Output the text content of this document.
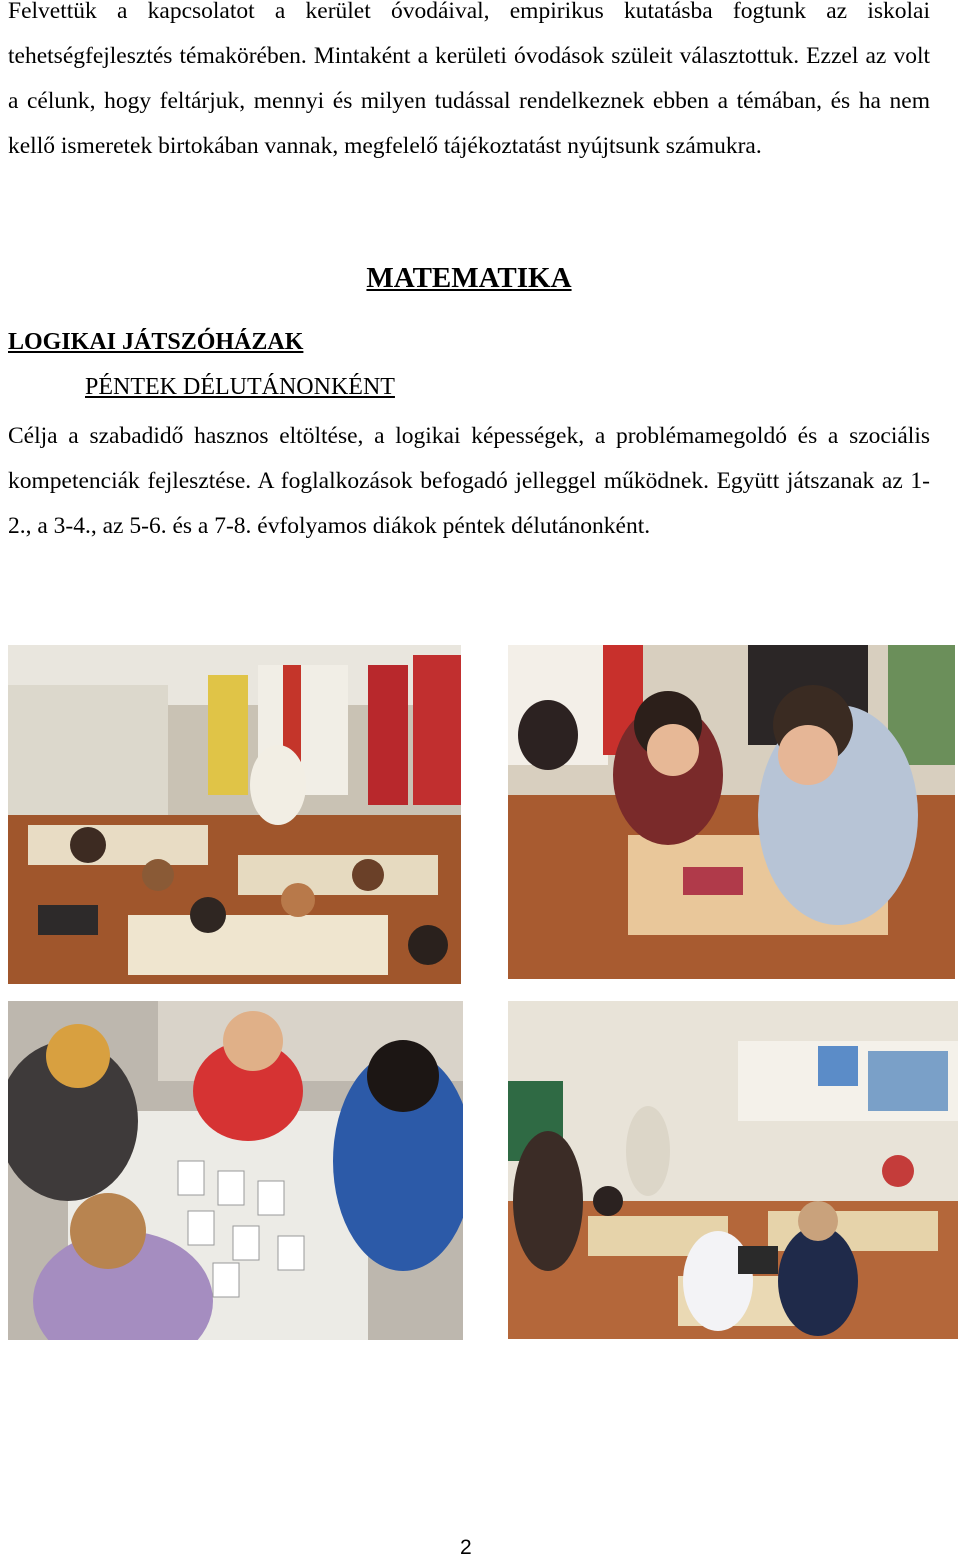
Felvettük a kapcsolatot a kerület óvodáival, empirikus kutatásba fogtunk az iskolai tehetségfejlesztés témakörében. Mintaként a kerületi óvodások szüleit választottuk. Ezzel az volt a célunk, hogy feltárjuk, mennyi és milyen tudással rendelkeznek ebben a témában, és ha nem kellő ismeretek birtokában vannak, megfelelő tájékoztatást nyújtsunk számukra.

MATEMATIKA
LOGIKAI JÁTSZÓHÁZAK
PÉNTEK DÉLUTÁNONKÉNT

Célja a szabadidő hasznos eltöltése, a logikai képességek, a problémamegoldó és a szociális kompetenciák fejlesztése. A foglalkozások befogadó jelleggel működnek. Együtt játszanak az 1-2., a 3-4., az 5-6. és a 7-8. évfolyamos diákok péntek délutánonként.

2
